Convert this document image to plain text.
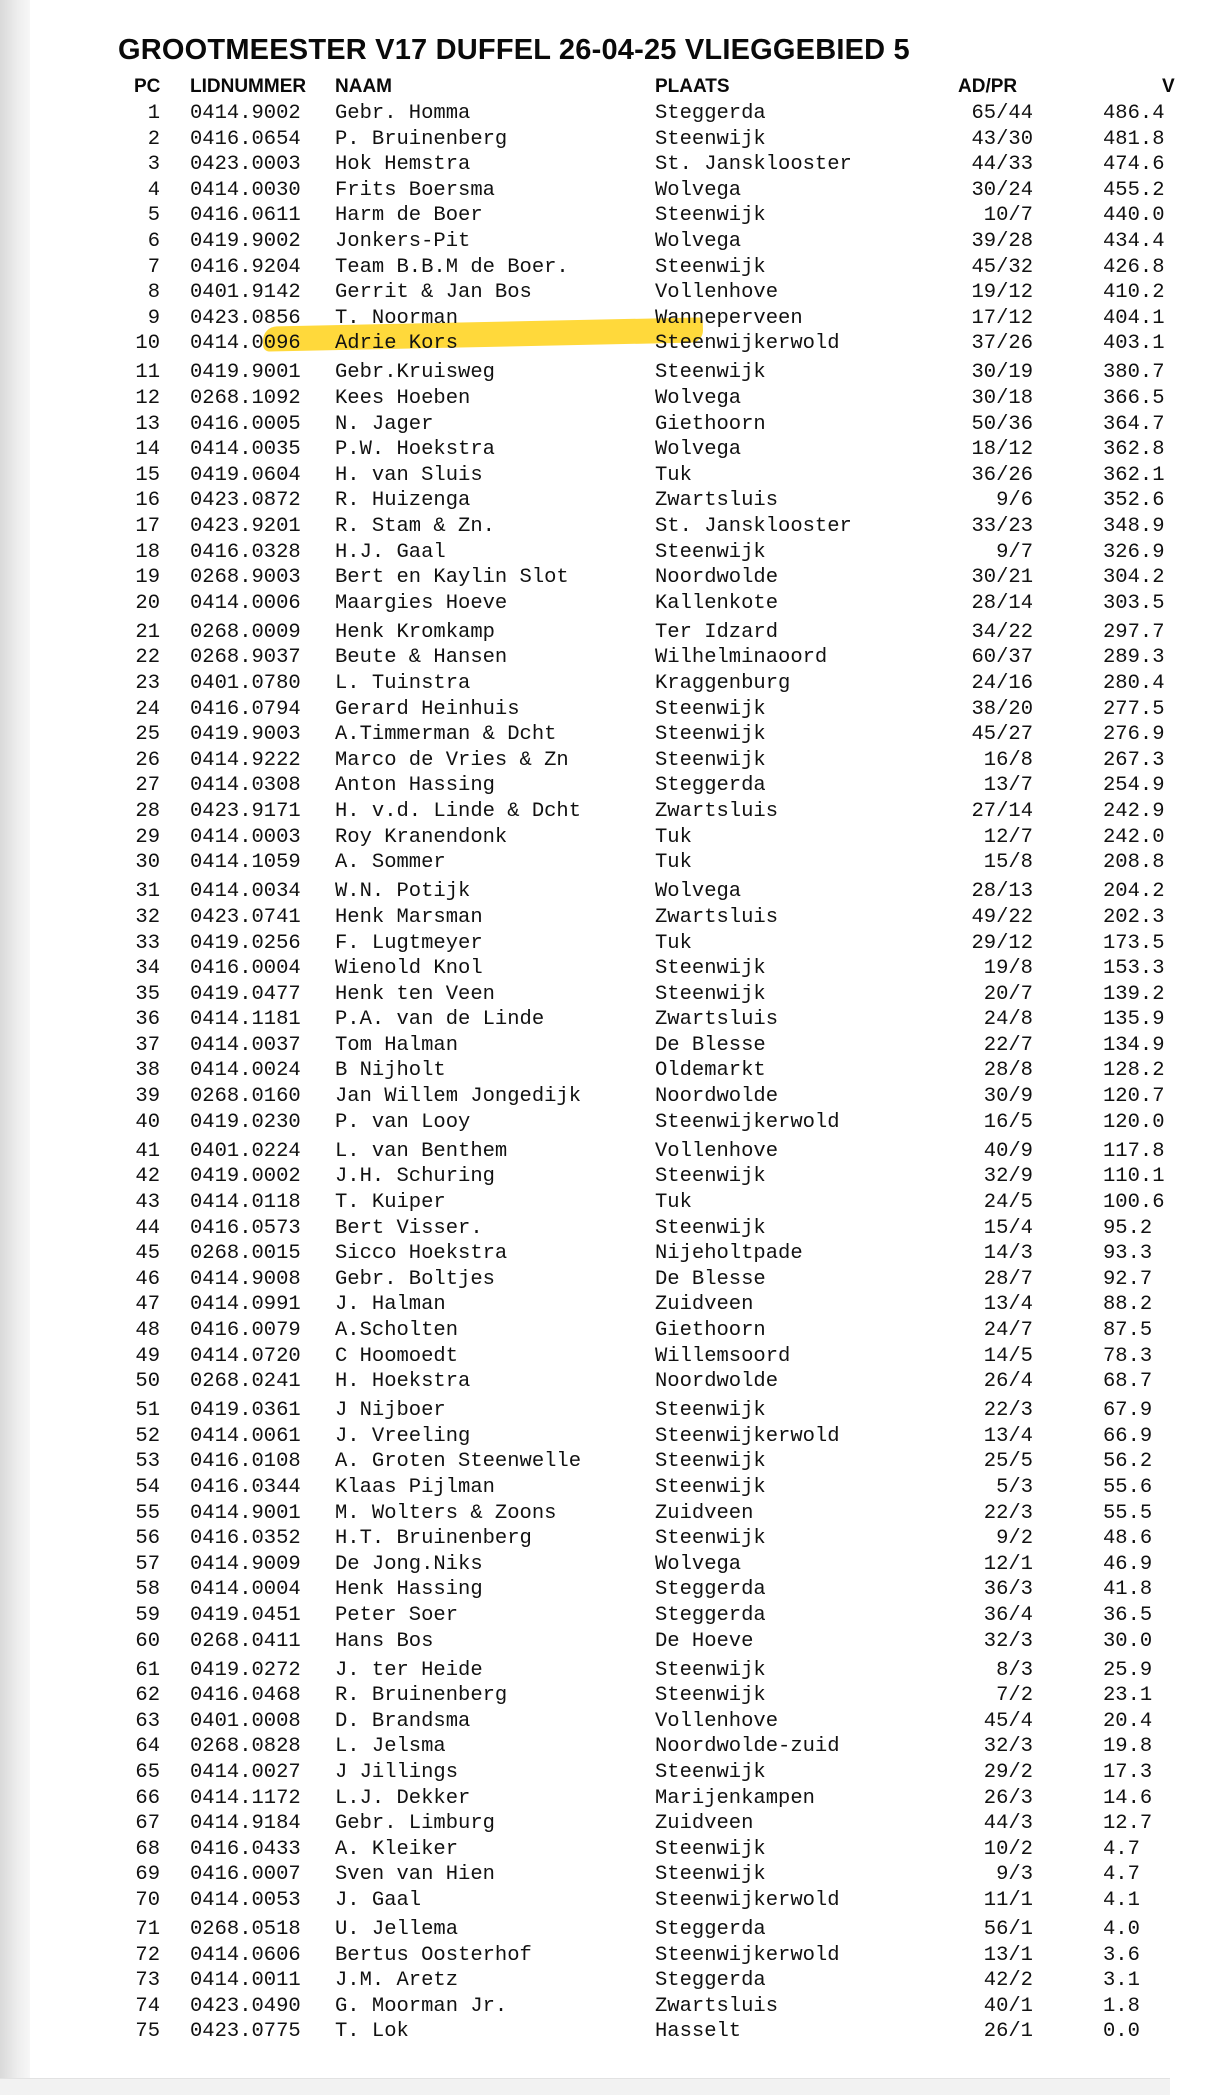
GROOTMEESTER V17 DUFFEL 26-04-25 VLIEGGEBIED 5
PC LIDNUMMER NAAM	PLAATS	AD/PR	V
1 0414.9002 Gebr. Homma	Steggerda	65/44	486.4
2 0416.0654 P. Bruinenberg	Steenwijk	43/30	481.8
3 0423.0003 Hok Hemstra	St. Jansklooster	44/33	474.6
4 0414.0030 Frits Boersma	Wolvega	30/24	455.2
5 0416.0611 Harm de Boer	Steenwijk	10/7	440.0
6 0419.9002 Jonkers-Pit	Wolvega	39/28	434.4
7 0416.9204 Team B.B.M de Boer.	Steenwijk	45/32	426.8
8 0401.9142 Gerrit & Jan Bos	Vollenhove	19/12	410.2
9 0423.0856 T. Noorman	Wanneperveen	17/12	404.1
10 0414.0096 Adrie Kors	Steenwijkerwold	37/26	403.1
11 0419.9001 Gebr.Kruisweg	Steenwijk	30/19	380.7
12 0268.1092 Kees Hoeben	Wolvega	30/18	366.5
13 0416.0005 N. Jager	Giethoorn	50/36	364.7
14 0414.0035 P.W. Hoekstra	Wolvega	18/12	362.8
15 0419.0604 H. van Sluis	Tuk	36/26	362.1
16 0423.0872 R. Huizenga	Zwartsluis	9/6	352.6
17 0423.9201 R. Stam & Zn.	St. Jansklooster	33/23	348.9
18 0416.0328 H.J. Gaal	Steenwijk	9/7	326.9
19 0268.9003 Bert en Kaylin Slot	Noordwolde	30/21	304.2
20 0414.0006 Maargies Hoeve	Kallenkote	28/14	303.5
21 0268.0009 Henk Kromkamp	Ter Idzard	34/22	297.7
22 0268.9037 Beute & Hansen	Wilhelminaoord	60/37	289.3
23 0401.0780 L. Tuinstra	Kraggenburg	24/16	280.4
24 0416.0794 Gerard Heinhuis	Steenwijk	38/20	277.5
25 0419.9003 A.Timmerman & Dcht	Steenwijk	45/27	276.9
26 0414.9222 Marco de Vries & Zn	Steenwijk	16/8	267.3
27 0414.0308 Anton Hassing	Steggerda	13/7	254.9
28 0423.9171 H. v.d. Linde & Dcht	Zwartsluis	27/14	242.9
29 0414.0003 Roy Kranendonk	Tuk	12/7	242.0
30 0414.1059 A. Sommer	Tuk	15/8	208.8
31 0414.0034 W.N. Potijk	Wolvega	28/13	204.2
32 0423.0741 Henk Marsman	Zwartsluis	49/22	202.3
33 0419.0256 F. Lugtmeyer	Tuk	29/12	173.5
34 0416.0004 Wienold Knol	Steenwijk	19/8	153.3
35 0419.0477 Henk ten Veen	Steenwijk	20/7	139.2
36 0414.1181 P.A. van de Linde	Zwartsluis	24/8	135.9
37 0414.0037 Tom Halman	De Blesse	22/7	134.9
38 0414.0024 B Nijholt	Oldemarkt	28/8	128.2
39 0268.0160 Jan Willem Jongedijk	Noordwolde	30/9	120.7
40 0419.0230 P. van Looy	Steenwijkerwold	16/5	120.0
41 0401.0224 L. van Benthem	Vollenhove	40/9	117.8
42 0419.0002 J.H. Schuring	Steenwijk	32/9	110.1
43 0414.0118 T. Kuiper	Tuk	24/5	100.6
44 0416.0573 Bert Visser.	Steenwijk	15/4	95.2
45 0268.0015 Sicco Hoekstra	Nijeholtpade	14/3	93.3
46 0414.9008 Gebr. Boltjes	De Blesse	28/7	92.7
47 0414.0991 J. Halman	Zuidveen	13/4	88.2
48 0416.0079 A.Scholten	Giethoorn	24/7	87.5
49 0414.0720 C Hoomoedt	Willemsoord	14/5	78.3
50 0268.0241 H. Hoekstra	Noordwolde	26/4	68.7
51 0419.0361 J Nijboer	Steenwijk	22/3	67.9
52 0414.0061 J. Vreeling	Steenwijkerwold	13/4	66.9
53 0416.0108 A. Groten Steenwelle	Steenwijk	25/5	56.2
54 0416.0344 Klaas Pijlman	Steenwijk	5/3	55.6
55 0414.9001 M. Wolters & Zoons	Zuidveen	22/3	55.5
56 0416.0352 H.T. Bruinenberg	Steenwijk	9/2	48.6
57 0414.9009 De Jong.Niks	Wolvega	12/1	46.9
58 0414.0004 Henk Hassing	Steggerda	36/3	41.8
59 0419.0451 Peter Soer	Steggerda	36/4	36.5
60 0268.0411 Hans Bos	De Hoeve	32/3	30.0
61 0419.0272 J. ter Heide	Steenwijk	8/3	25.9
62 0416.0468 R. Bruinenberg	Steenwijk	7/2	23.1
63 0401.0008 D. Brandsma	Vollenhove	45/4	20.4
64 0268.0828 L. Jelsma	Noordwolde-zuid	32/3	19.8
65 0414.0027 J Jillings	Steenwijk	29/2	17.3
66 0414.1172 L.J. Dekker	Marijenkampen	26/3	14.6
67 0414.9184 Gebr. Limburg	Zuidveen	44/3	12.7
68 0416.0433 A. Kleiker	Steenwijk	10/2	4.7
69 0416.0007 Sven van Hien	Steenwijk	9/3	4.7
70 0414.0053 J. Gaal	Steenwijkerwold	11/1	4.1
71 0268.0518 U. Jellema	Steggerda	56/1	4.0
72 0414.0606 Bertus Oosterhof	Steenwijkerwold	13/1	3.6
73 0414.0011 J.M. Aretz	Steggerda	42/2	3.1
74 0423.0490 G. Moorman Jr.	Zwartsluis	40/1	1.8
75 0423.0775 T. Lok	Hasselt	26/1	0.0
